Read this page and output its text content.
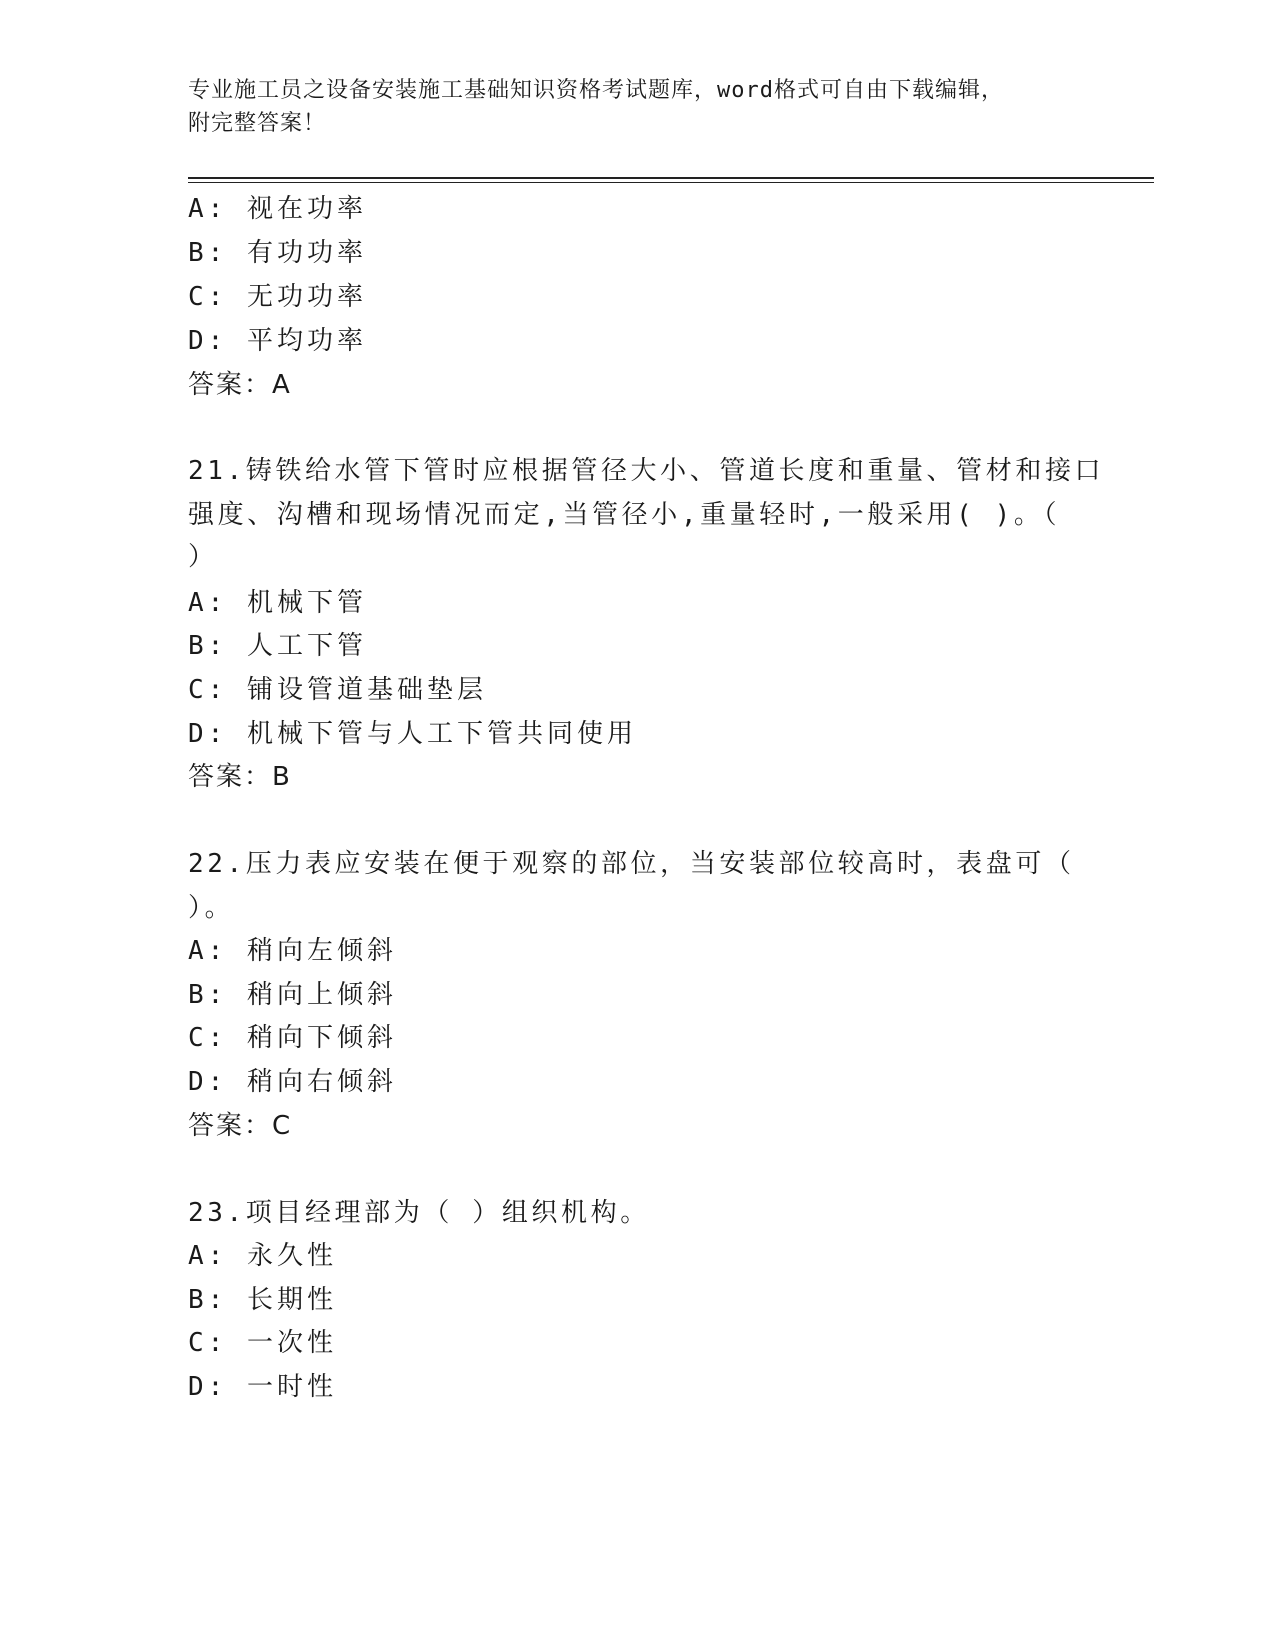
专业施工员之设备安装施工基础知识资格考试题库，word格式可自由下载编辑，
附完整答案！
A: 视在功率
B: 有功功率
C: 无功功率
D: 平均功率
答案：A
21.铸铁给水管下管时应根据管径大小、管道长度和重量、管材和接口
强度、沟槽和现场情况而定,当管径小,重量轻时,一般采用( )。（
）
A: 机械下管
B: 人工下管
C: 铺设管道基础垫层
D: 机械下管与人工下管共同使用
答案：B
22.压力表应安装在便于观察的部位，当安装部位较高时，表盘可（
）。
A: 稍向左倾斜
B: 稍向上倾斜
C: 稍向下倾斜
D: 稍向右倾斜
答案：C
23.项目经理部为（ ）组织机构。
A: 永久性
B: 长期性
C: 一次性
D: 一时性
